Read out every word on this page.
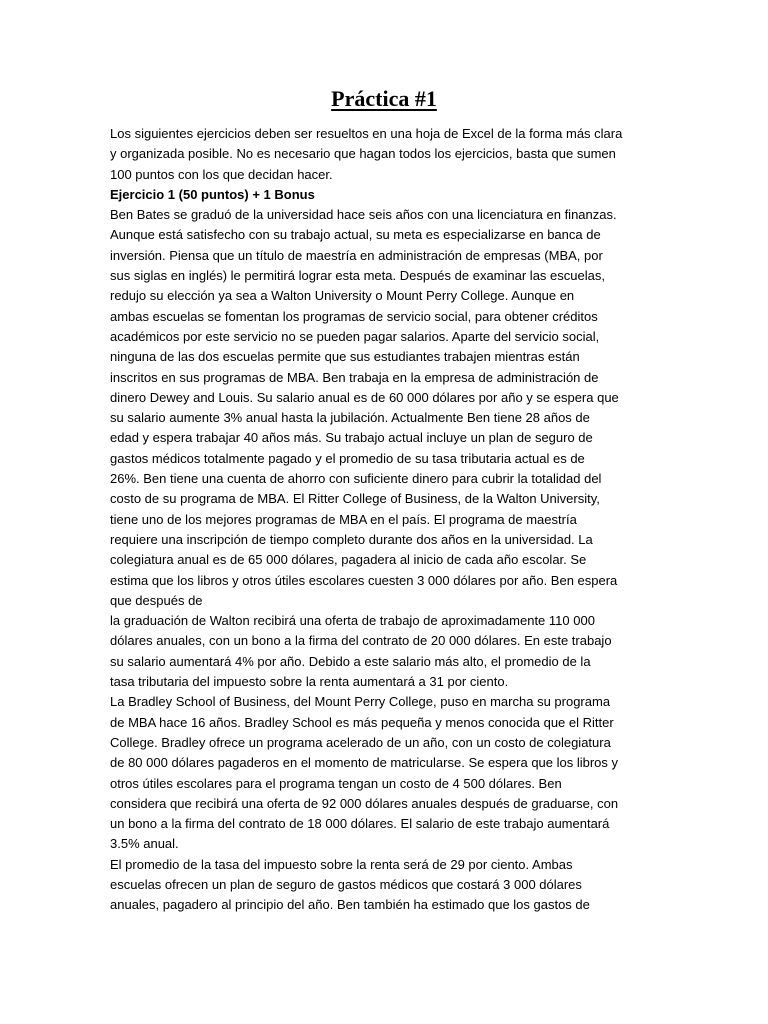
Práctica #1
Los siguientes ejercicios deben ser resueltos en una hoja de Excel de la forma más clara
y organizada posible. No es necesario que hagan todos los ejercicios, basta que sumen
100 puntos con los que decidan hacer.
Ejercicio 1 (50 puntos) + 1 Bonus
Ben Bates se graduó de la universidad hace seis años con una licenciatura en finanzas.
Aunque está satisfecho con su trabajo actual, su meta es especializarse en banca de
inversión. Piensa que un título de maestría en administración de empresas (MBA, por
sus siglas en inglés) le permitirá lograr esta meta. Después de examinar las escuelas,
redujo su elección ya sea a Walton University o Mount Perry College. Aunque en
ambas escuelas se fomentan los programas de servicio social, para obtener créditos
académicos por este servicio no se pueden pagar salarios. Aparte del servicio social,
ninguna de las dos escuelas permite que sus estudiantes trabajen mientras están
inscritos en sus programas de MBA. Ben trabaja en la empresa de administración de
dinero Dewey and Louis. Su salario anual es de 60 000 dólares por año y se espera que
su salario aumente 3% anual hasta la jubilación. Actualmente Ben tiene 28 años de
edad y espera trabajar 40 años más. Su trabajo actual incluye un plan de seguro de
gastos médicos totalmente pagado y el promedio de su tasa tributaria actual es de
26%. Ben tiene una cuenta de ahorro con suficiente dinero para cubrir la totalidad del
costo de su programa de MBA. El Ritter College of Business, de la Walton University,
tiene uno de los mejores programas de MBA en el país. El programa de maestría
requiere una inscripción de tiempo completo durante dos años en la universidad. La
colegiatura anual es de 65 000 dólares, pagadera al inicio de cada año escolar. Se
estima que los libros y otros útiles escolares cuesten 3 000 dólares por año. Ben espera
que después de
la graduación de Walton recibirá una oferta de trabajo de aproximadamente 110 000
dólares anuales, con un bono a la firma del contrato de 20 000 dólares. En este trabajo
su salario aumentará 4% por año. Debido a este salario más alto, el promedio de la
tasa tributaria del impuesto sobre la renta aumentará a 31 por ciento.
La Bradley School of Business, del Mount Perry College, puso en marcha su programa
de MBA hace 16 años. Bradley School es más pequeña y menos conocida que el Ritter
College. Bradley ofrece un programa acelerado de un año, con un costo de colegiatura
de 80 000 dólares pagaderos en el momento de matricularse. Se espera que los libros y
otros útiles escolares para el programa tengan un costo de 4 500 dólares. Ben
considera que recibirá una oferta de 92 000 dólares anuales después de graduarse, con
un bono a la firma del contrato de 18 000 dólares. El salario de este trabajo aumentará
3.5% anual.
El promedio de la tasa del impuesto sobre la renta será de 29 por ciento. Ambas
escuelas ofrecen un plan de seguro de gastos médicos que costará 3 000 dólares
anuales, pagadero al principio del año. Ben también ha estimado que los gastos de
